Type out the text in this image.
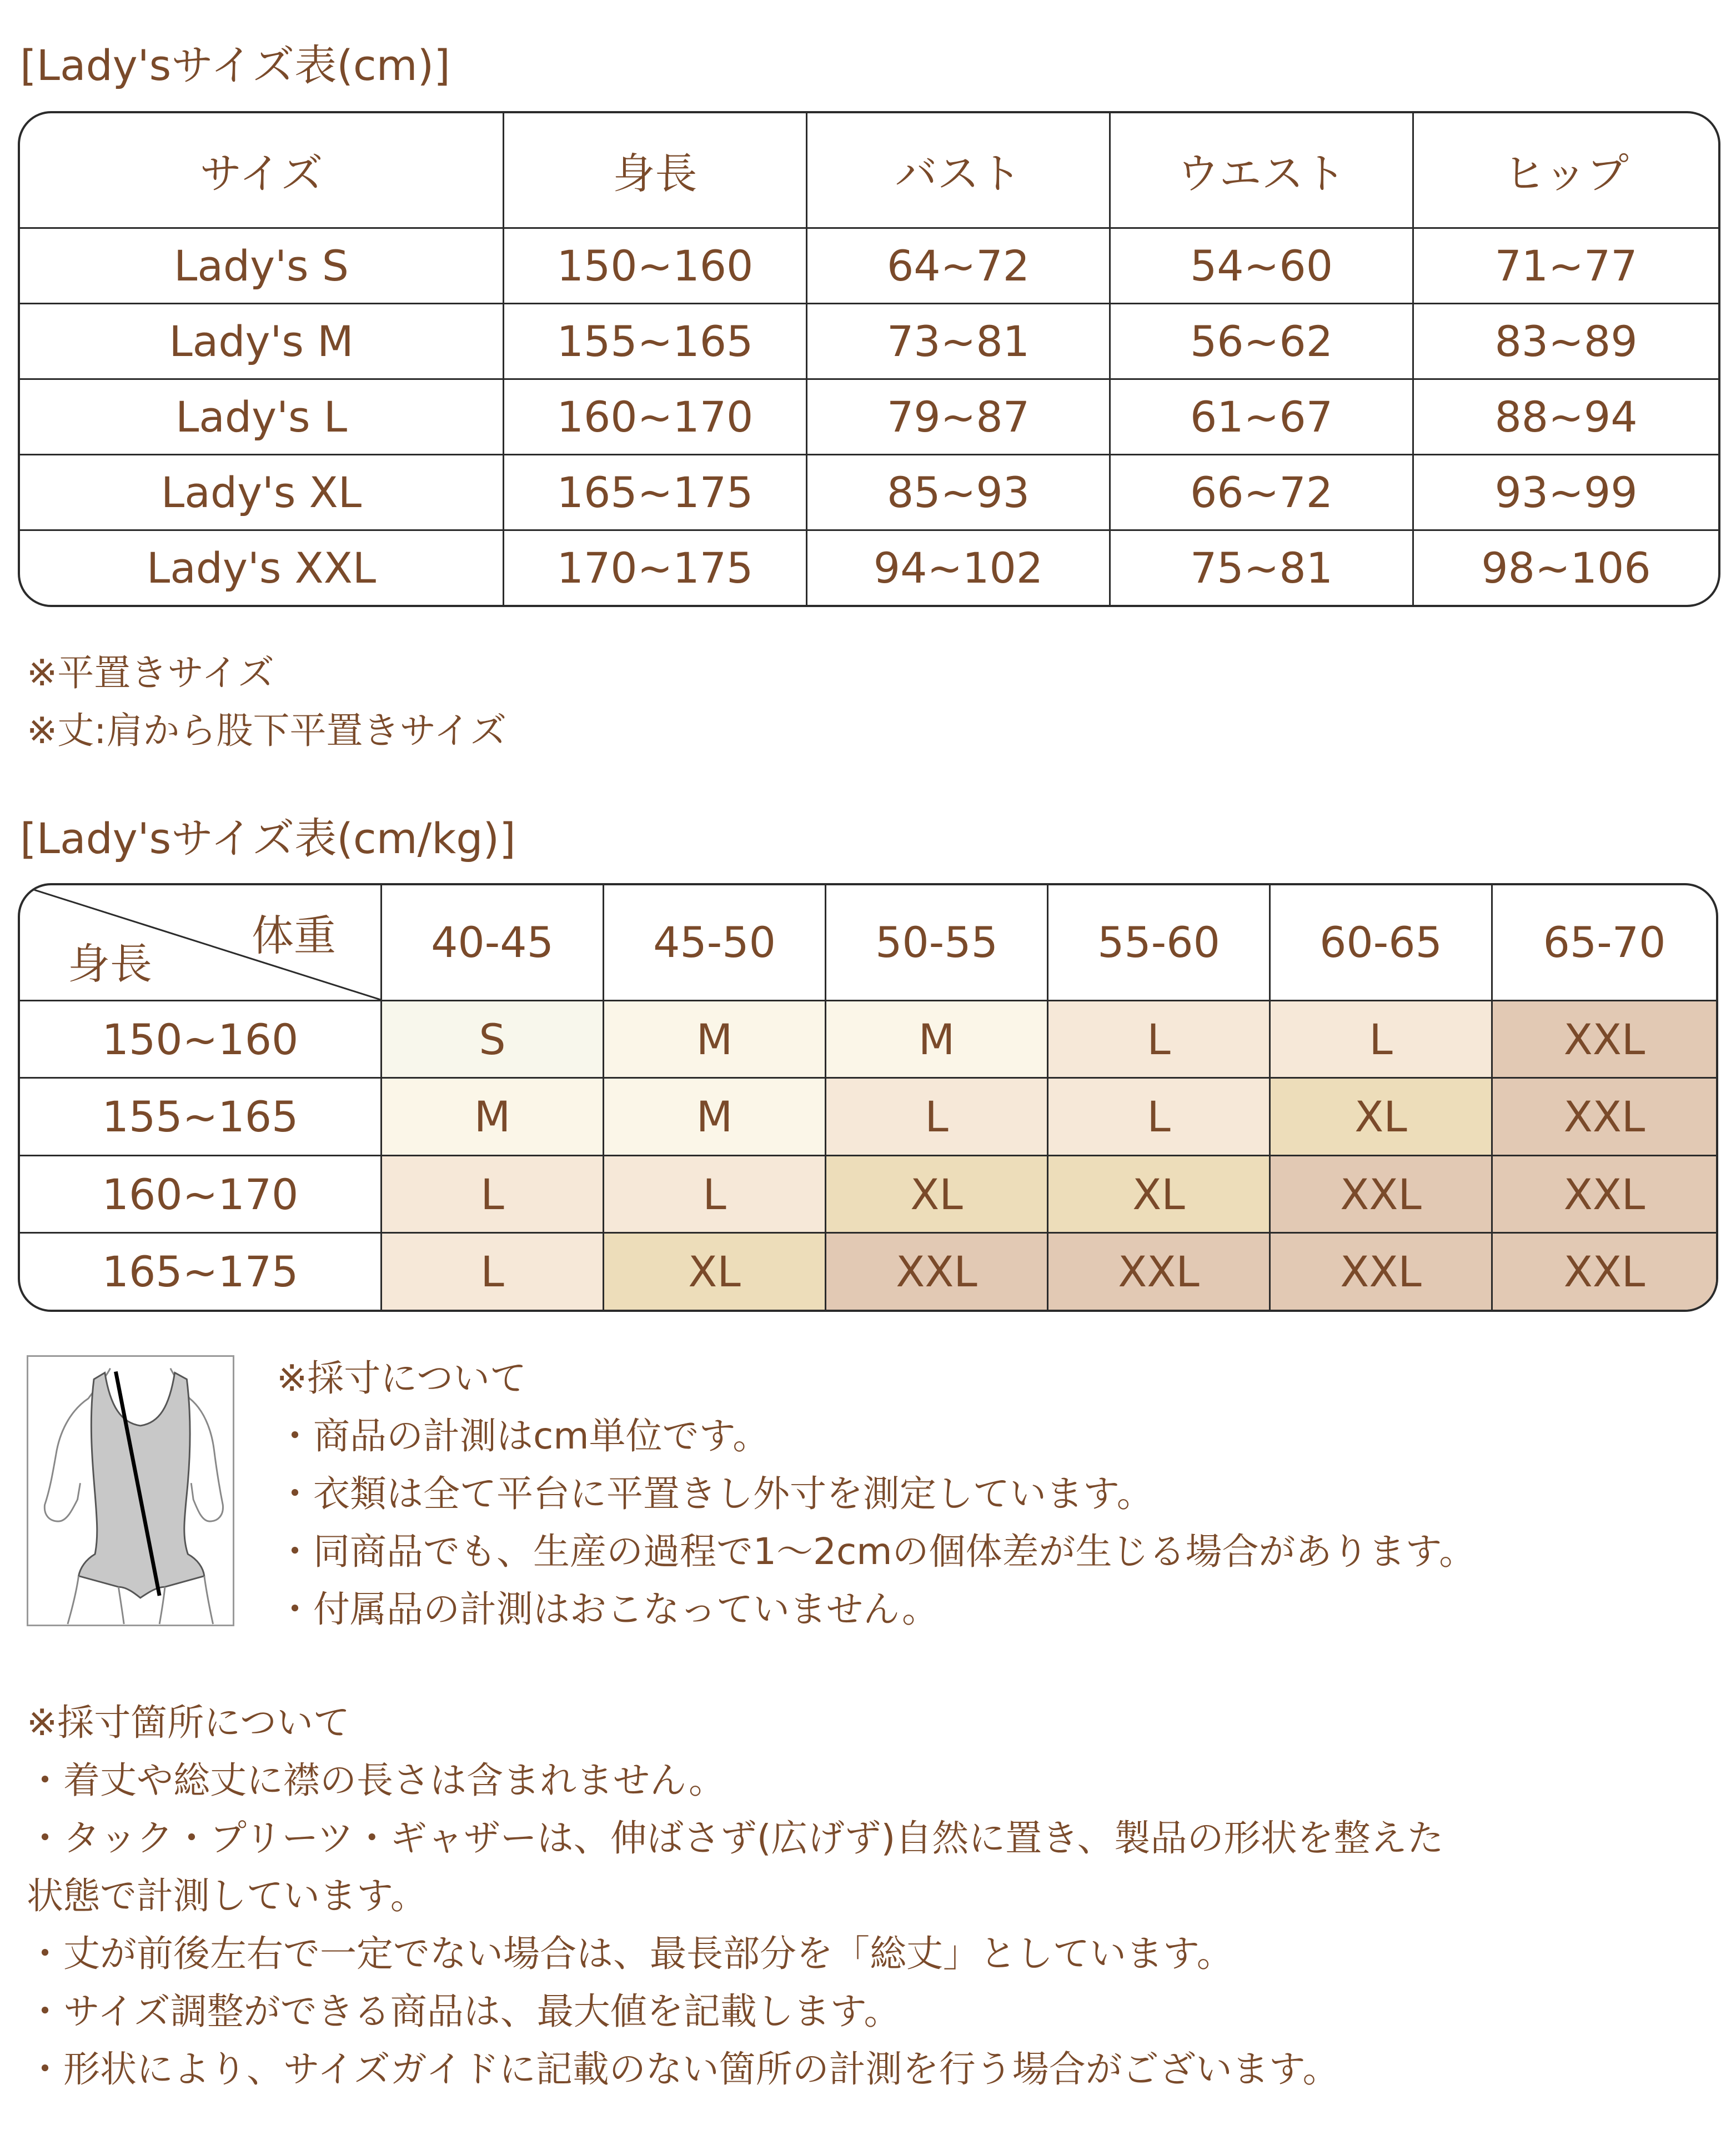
[Lady'sサイズ表(cm)]
サイズ	身長	バスト	ウエスト	ヒップ
Lady's S	150~160	64~72	54~60	71~77
Lady's M	155~165	73~81	56~62	83~89
Lady's L	160~170	79~87	61~67	88~94
Lady's XL	165~175	85~93	66~72	93~99
Lady's XXL	170~175	94~102	75~81	98~106
※平置きサイズ
※丈:肩から股下平置きサイズ
[Lady'sサイズ表(cm/kg)]
体重
身長	40-45	45-50	50-55	55-60	60-65	65-70
150~160	S	M	M	L	L	XXL
155~165	M	M	L	L	XL	XXL
160~170	L	L	XL	XL	XXL	XXL
165~175	L	XL	XXL	XXL	XXL	XXL
※採寸について
・商品の計測はcm単位です。
・衣類は全て平台に平置きし外寸を測定しています。
・同商品でも、生産の過程で1〜2cmの個体差が生じる場合があります。
・付属品の計測はおこなっていません。
※採寸箇所について
・着丈や総丈に襟の長さは含まれません。
・タック・プリーツ・ギャザーは、伸ばさず(広げず)自然に置き、製品の形状を整えた
状態で計測しています。
・丈が前後左右で一定でない場合は、最長部分を「総丈」としています。
・サイズ調整ができる商品は、最大値を記載します。
・形状により、サイズガイドに記載のない箇所の計測を行う場合がございます。
